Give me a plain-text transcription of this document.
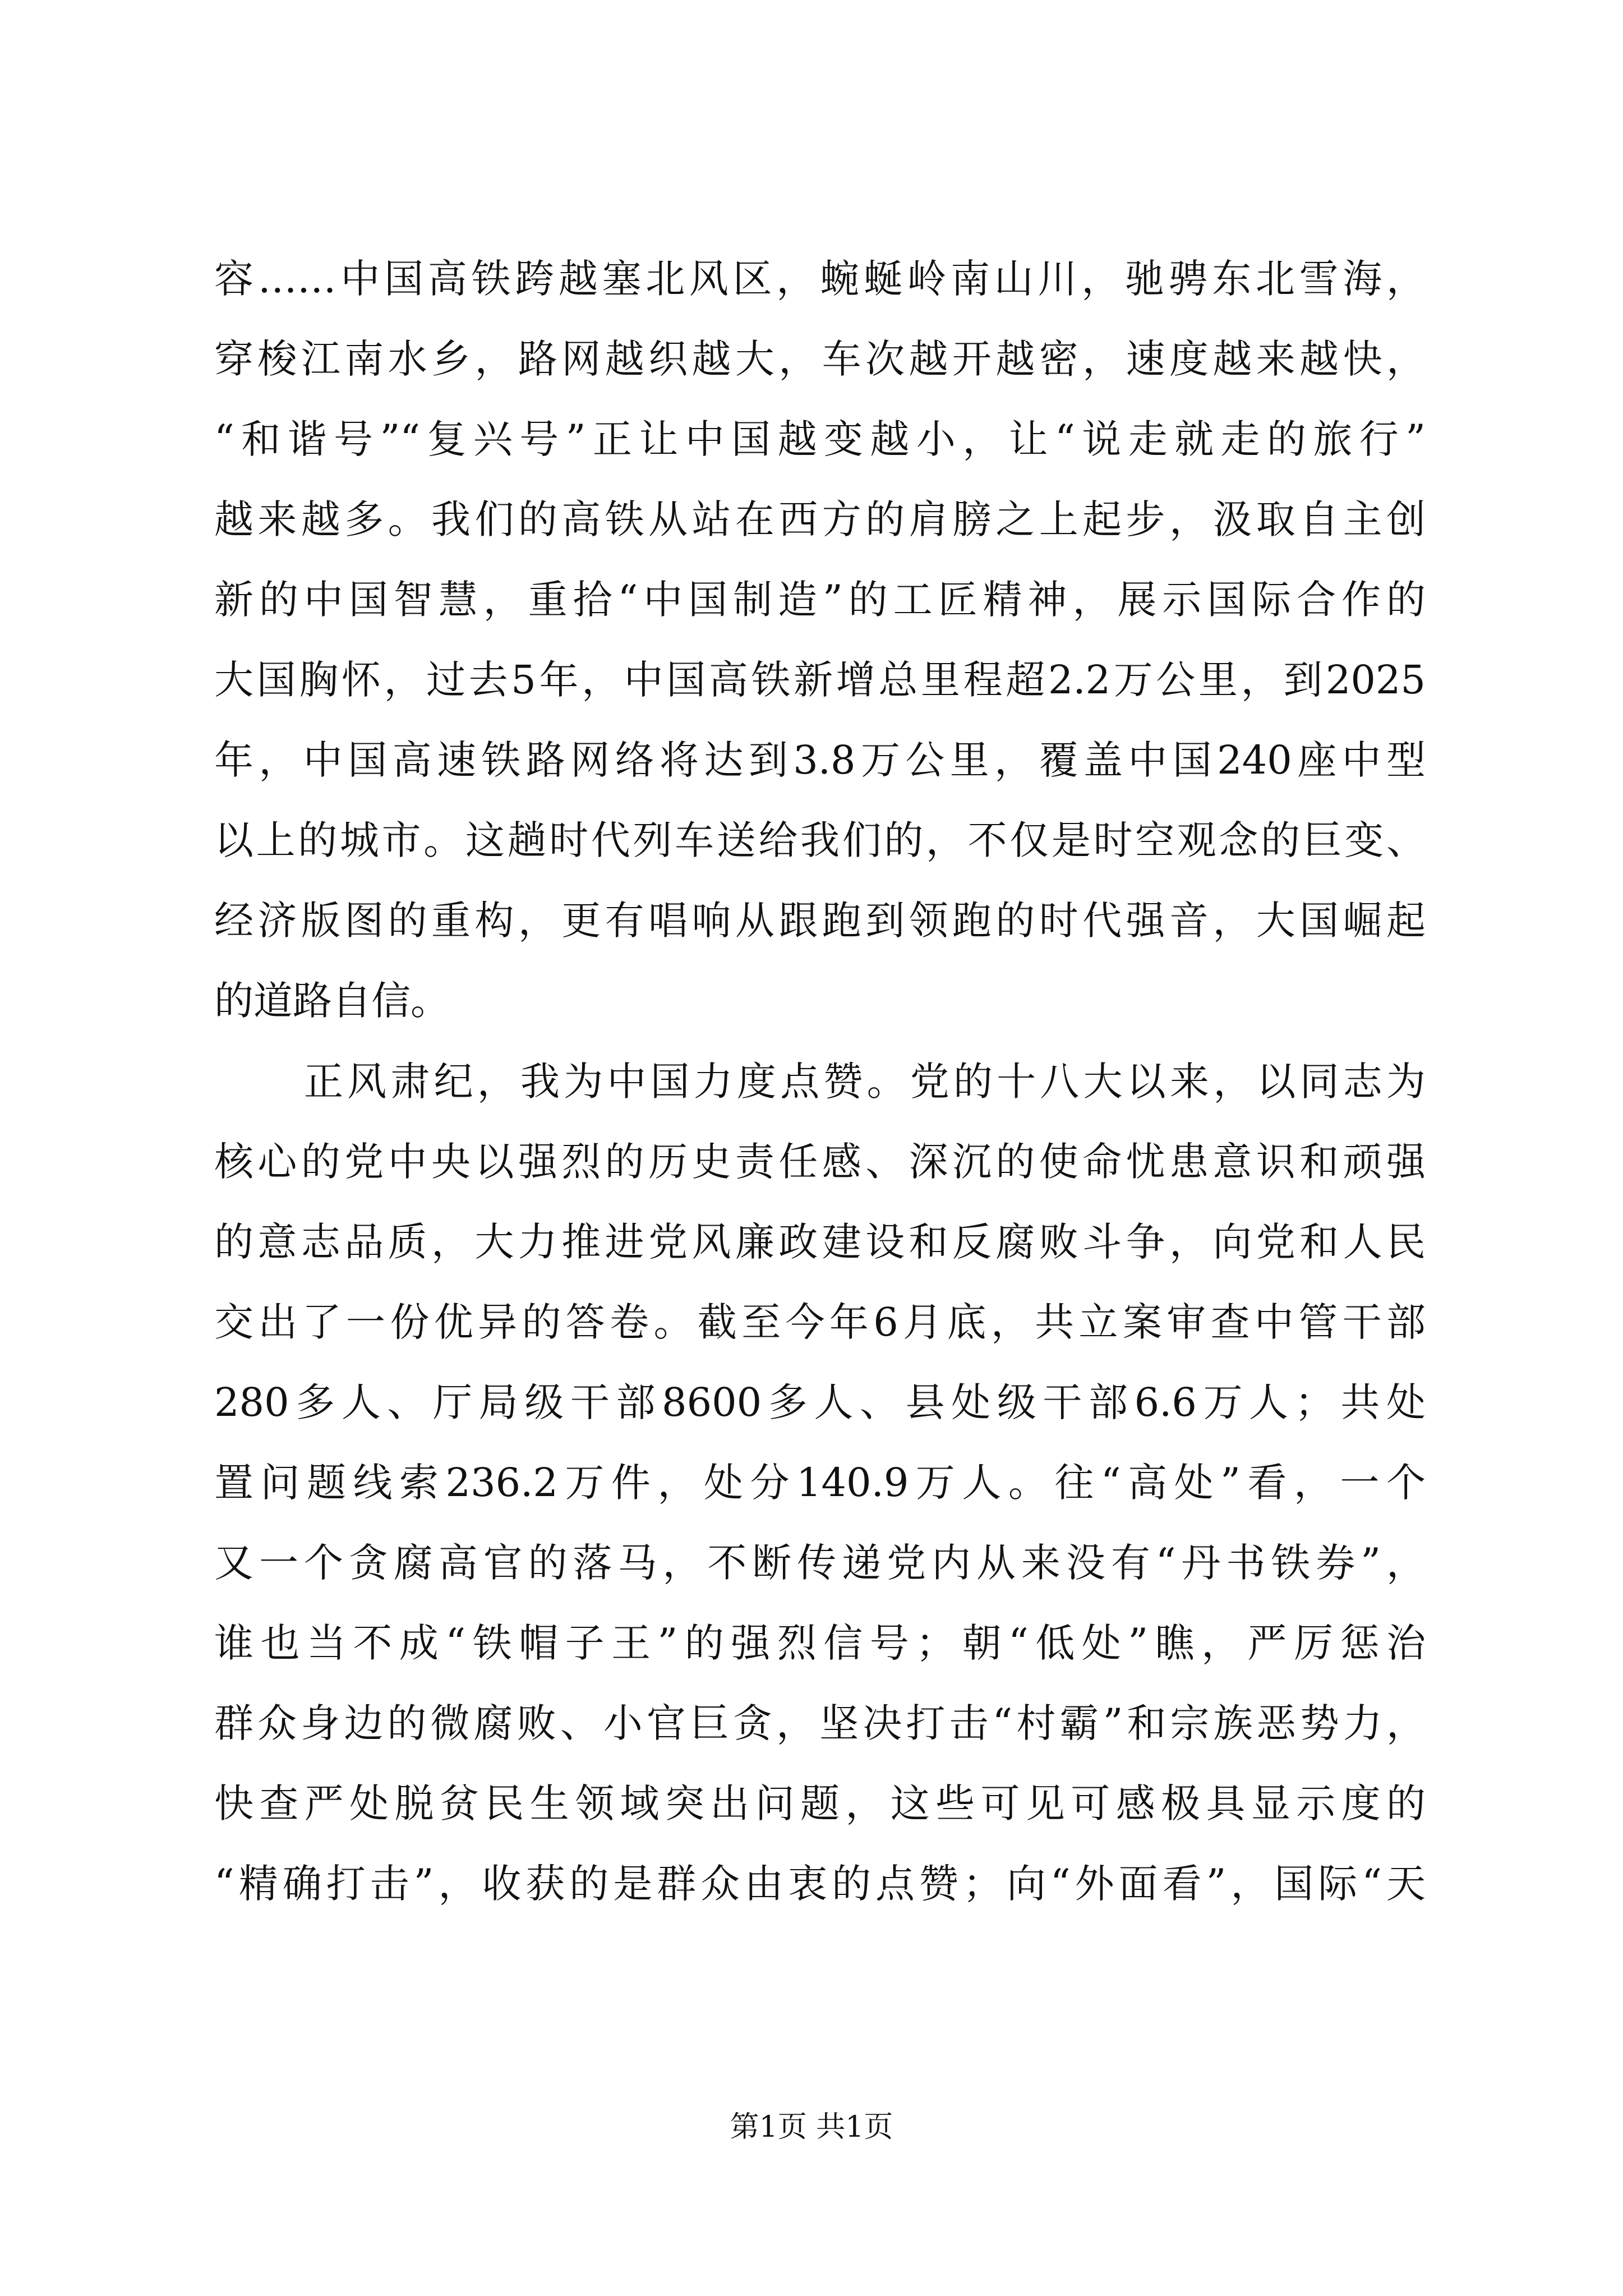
容……中国高铁跨越塞北风区，蜿蜒岭南山川，驰骋东北雪海，
穿梭江南水乡，路网越织越大，车次越开越密，速度越来越快，
“和谐号”“复兴号”正让中国越变越小，让“说走就走的旅行”
越来越多。我们的高铁从站在西方的肩膀之上起步，汲取自主创
新的中国智慧，重拾“中国制造”的工匠精神，展示国际合作的
大国胸怀，过去5年，中国高铁新增总里程超2.2万公里，到2025
年，中国高速铁路网络将达到3.8万公里，覆盖中国240座中型
以上的城市。这趟时代列车送给我们的，不仅是时空观念的巨变、
经济版图的重构，更有唱响从跟跑到领跑的时代强音，大国崛起
的道路自信。
正风肃纪，我为中国力度点赞。党的十八大以来，以同志为
核心的党中央以强烈的历史责任感、深沉的使命忧患意识和顽强
的意志品质，大力推进党风廉政建设和反腐败斗争，向党和人民
交出了一份优异的答卷。截至今年6月底，共立案审查中管干部
280多人、厅局级干部8600多人、县处级干部6.6万人；共处
置问题线索236.2万件，处分140.9万人。往“高处”看，一个
又一个贪腐高官的落马，不断传递党内从来没有“丹书铁券”，
谁也当不成“铁帽子王”的强烈信号；朝“低处”瞧，严厉惩治
群众身边的微腐败、小官巨贪，坚决打击“村霸”和宗族恶势力，
快查严处脱贫民生领域突出问题，这些可见可感极具显示度的
“精确打击”，收获的是群众由衷的点赞；向“外面看”，国际“天
第1页 共1页
